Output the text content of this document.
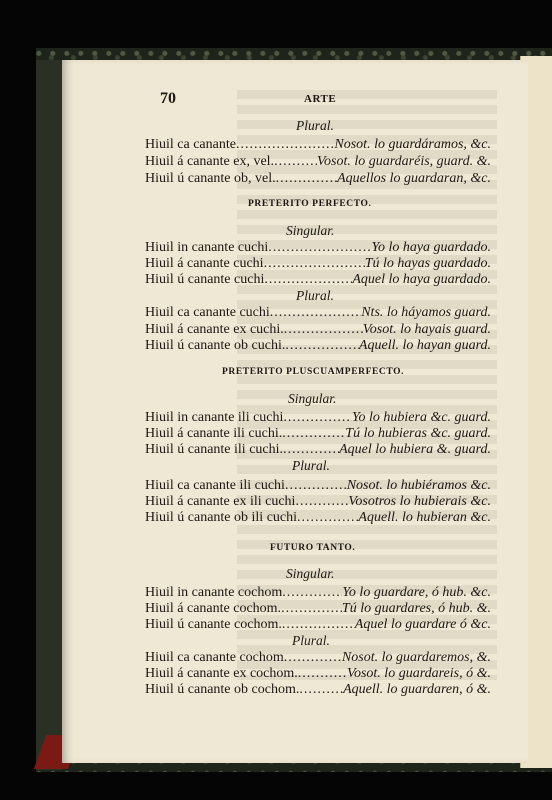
70	ARTE
Plural.
Hiuil ca canante .....	Nosot. lo guardáramos, &c.
Hiuil á canante ex, vel. .....	Vosot. lo guardaréis, guard. &.
Hiuil ú canante ob, vel. .....	Aquellos lo guardaran, &c.
PRETERITO PERFECTO.
Singular.
Hiuil in canante cuchi .....	Yo lo haya guardado.
Hiuil á canante cuchi .....	Tú lo hayas guardado.
Hiuil ú canante cuchi .....	Aquel lo haya guardado.
Plural.
Hiuil ca canante cuchi .....	Nts. lo háyamos guard.
Hiuil á canante ex cuchi. .....	Vosot. lo hayais guard.
Hiuil ú canante ob cuchi. .....	Aquell. lo hayan guard.
PRETERITO PLUSCUAMPERFECTO.
Singular.
Hiuil in canante ili cuchi .....	Yo lo hubiera &c. guard.
Hiuil á canante ili cuchi. .....	Tú lo hubieras &c. guard.
Hiuil ú canante ili cuchi. .....	Aquel lo hubiera &. guard.
Plural.
Hiuil ca canante ili cuchi .....	Nosot. lo hubiéramos &c.
Hiuil á canante ex ili cuchi .....	Vosotros lo hubierais &c.
Hiuil ú canante ob ili cuchi .....	Aquell. lo hubieran &c.
FUTURO TANTO.
Singular.
Hiuil in canante cochom .....	Yo lo guardare, ó hub. &c.
Hiuil á canante cochom. .....	Tú lo guardares, ó hub. &.
Hiuil ú canante cochom. .....	Aquel lo guardare ó &c.
Plural.
Hiuil ca canante cochom .....	Nosot. lo guardaremos, &.
Hiuil á canante ex cochom. .....	Vosot. lo guardareis, ó &.
Hiuil ú canante ob cochom. .....	Aquell. lo guardaren, ó &.
